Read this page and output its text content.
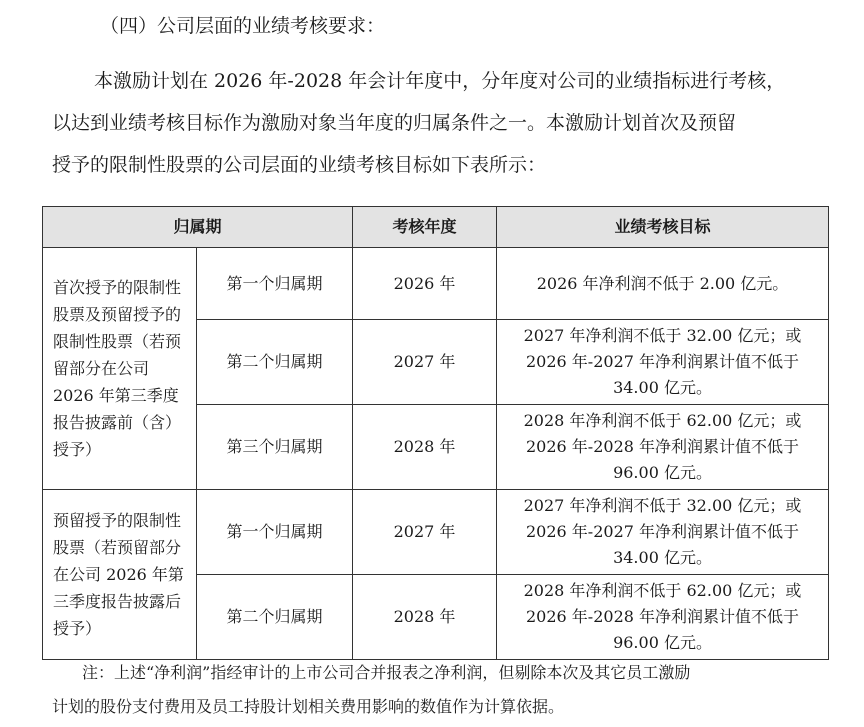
（四）公司层面的业绩考核要求：

本激励计划在 2026 年-2028 年会计年度中，分年度对公司的业绩指标进行考核，
以达到业绩考核目标作为激励对象当年度的归属条件之一。本激励计划首次及预留
授予的限制性股票的公司层面的业绩考核目标如下表所示：

归属期		考核年度	业绩考核目标
首次授予的限制性股票及预留授予的限制性股票（若预留部分在公司 2026 年第三季度报告披露前（含）授予）	第一个归属期	2026 年	2026 年净利润不低于 2.00 亿元。
	第二个归属期	2027 年	2027 年净利润不低于 32.00 亿元；或 2026 年-2027 年净利润累计值不低于 34.00 亿元。
	第三个归属期	2028 年	2028 年净利润不低于 62.00 亿元；或 2026 年-2028 年净利润累计值不低于 96.00 亿元。
预留授予的限制性股票（若预留部分在公司 2026 年第三季度报告披露后授予）	第一个归属期	2027 年	2027 年净利润不低于 32.00 亿元；或 2026 年-2027 年净利润累计值不低于 34.00 亿元。
	第二个归属期	2028 年	2028 年净利润不低于 62.00 亿元；或 2026 年-2028 年净利润累计值不低于 96.00 亿元。

注：上述“净利润”指经审计的上市公司合并报表之净利润，但剔除本次及其它员工激励
计划的股份支付费用及员工持股计划相关费用影响的数值作为计算依据。
